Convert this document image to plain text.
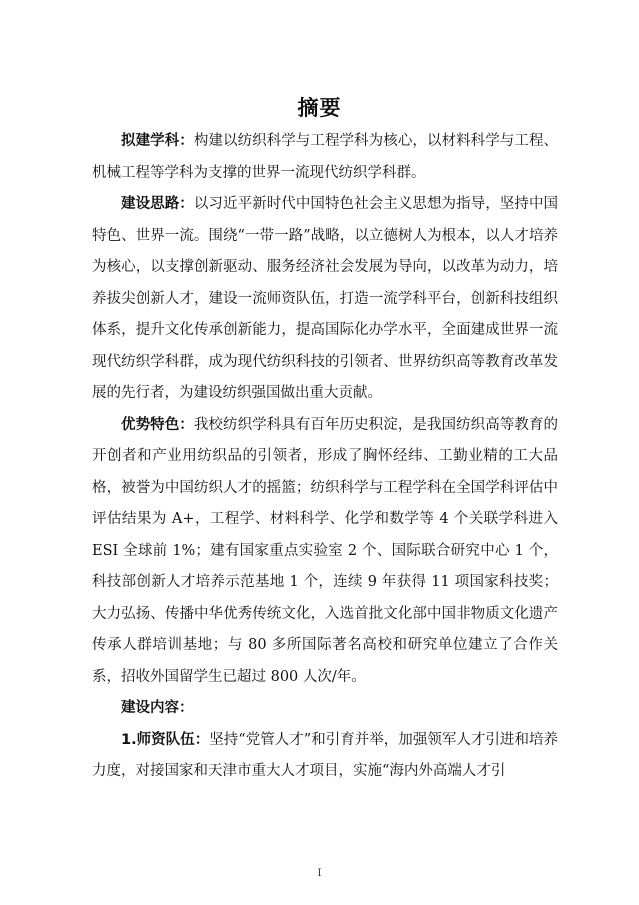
摘要

拟建学科：构建以纺织科学与工程学科为核心，以材料科学与工程、机械工程等学科为支撑的世界一流现代纺织学科群。

建设思路：以习近平新时代中国特色社会主义思想为指导，坚持中国特色、世界一流。围绕“一带一路”战略，以立德树人为根本，以人才培养为核心，以支撑创新驱动、服务经济社会发展为导向，以改革为动力，培养拔尖创新人才，建设一流师资队伍，打造一流学科平台，创新科技组织体系，提升文化传承创新能力，提高国际化办学水平，全面建成世界一流现代纺织学科群，成为现代纺织科技的引领者、世界纺织高等教育改革发展的先行者，为建设纺织强国做出重大贡献。

优势特色：我校纺织学科具有百年历史积淀，是我国纺织高等教育的开创者和产业用纺织品的引领者，形成了胸怀经纬、工勤业精的工大品格，被誉为中国纺织人才的摇篮；纺织科学与工程学科在全国学科评估中评估结果为 A+，工程学、材料科学、化学和数学等 4 个关联学科进入 ESI 全球前 1%；建有国家重点实验室 2 个、国际联合研究中心 1 个，科技部创新人才培养示范基地 1 个，连续 9 年获得 11 项国家科技奖；大力弘扬、传播中华优秀传统文化，入选首批文化部中国非物质文化遗产传承人群培训基地；与 80 多所国际著名高校和研究单位建立了合作关系，招收外国留学生已超过 800 人次/年。

建设内容：

1.师资队伍：坚持“党管人才”和引育并举，加强领军人才引进和培养力度，对接国家和天津市重大人才项目，实施“海内外高端人才引

I
